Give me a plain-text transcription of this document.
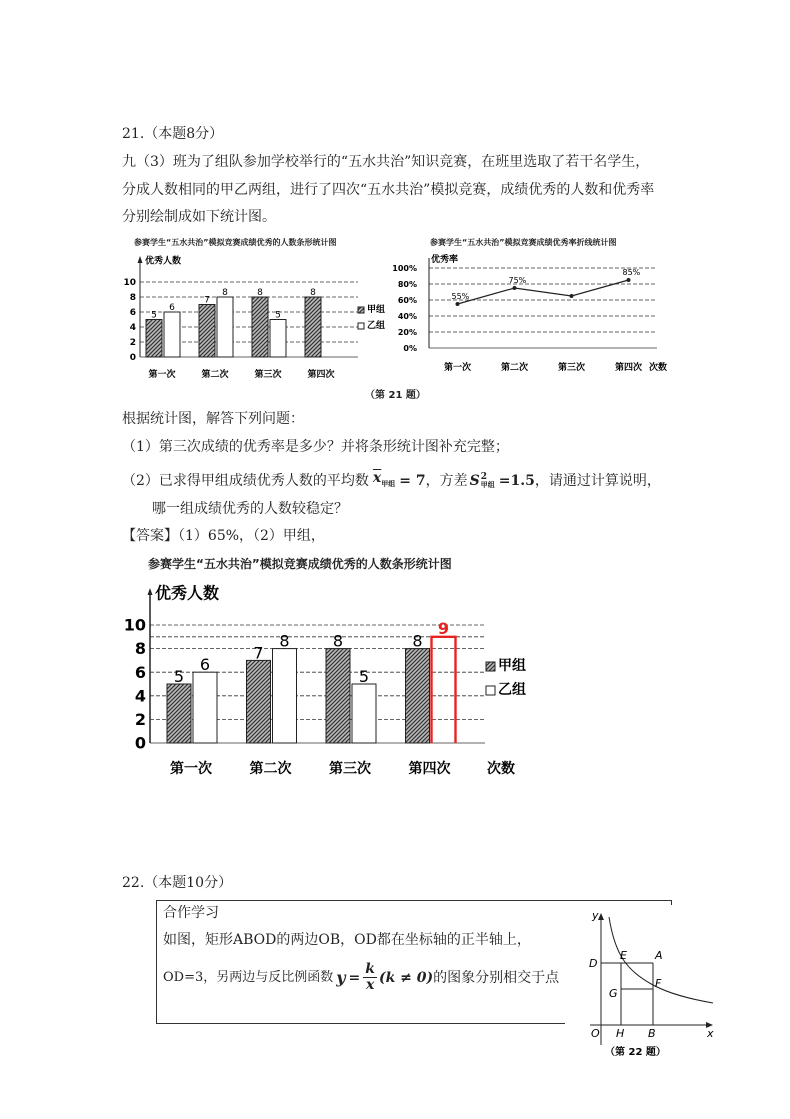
21.（本题8分）
九（3）班为了组队参加学校举行的“五水共治”知识竞赛，在班里选取了若干名学生，
分成人数相同的甲乙两组，进行了四次“五水共治”模拟竞赛，成绩优秀的人数和优秀率
分别绘制成如下统计图。
参赛学生“五水共治”模拟竞赛成绩优秀的人数条形统计图
0
2
4
6
8
10
优秀人数
5
6
第一次
7
8
第二次
8
5
第三次
8
第四次
甲组
乙组
参赛学生“五水共治”模拟竞赛成绩优秀率折线统计图
0%
20%
40%
60%
80%
100%
优秀率
55%
第一次
75%
第二次	第三次
85%
第四次 次数
（第 21 题）
根据统计图，解答下列问题：
（1）第三次成绩的优秀率是多少？并将条形统计图补充完整；
（2）已求得甲组成绩优秀人数的平均数 $\overline{x}_{甲组} = 7$ ，方差 S 2
甲组 =1.5 ，请通过计算说明，
哪一组成绩优秀的人数较稳定？
【答案】（1）65%，（2）甲组，
参赛学生“五水共治”模拟竞赛成绩优秀的人数条形统计图
0
2
4
6
8
10
优秀人数
5
6
第一次
7
8
第二次
8
5
第三次
8
9
第四次	次数
甲组
乙组
22.（本题10分）
合作学习
如图，矩形ABOD的两边OB，OD都在坐标轴的正半轴上，
OD=3，另两边与反比例函数 $y = \frac{k}{x} (k \ne 0)$ 的图象分别相交于点
y
x
O
D
E	A
F
G
H B
（第 22 题）
